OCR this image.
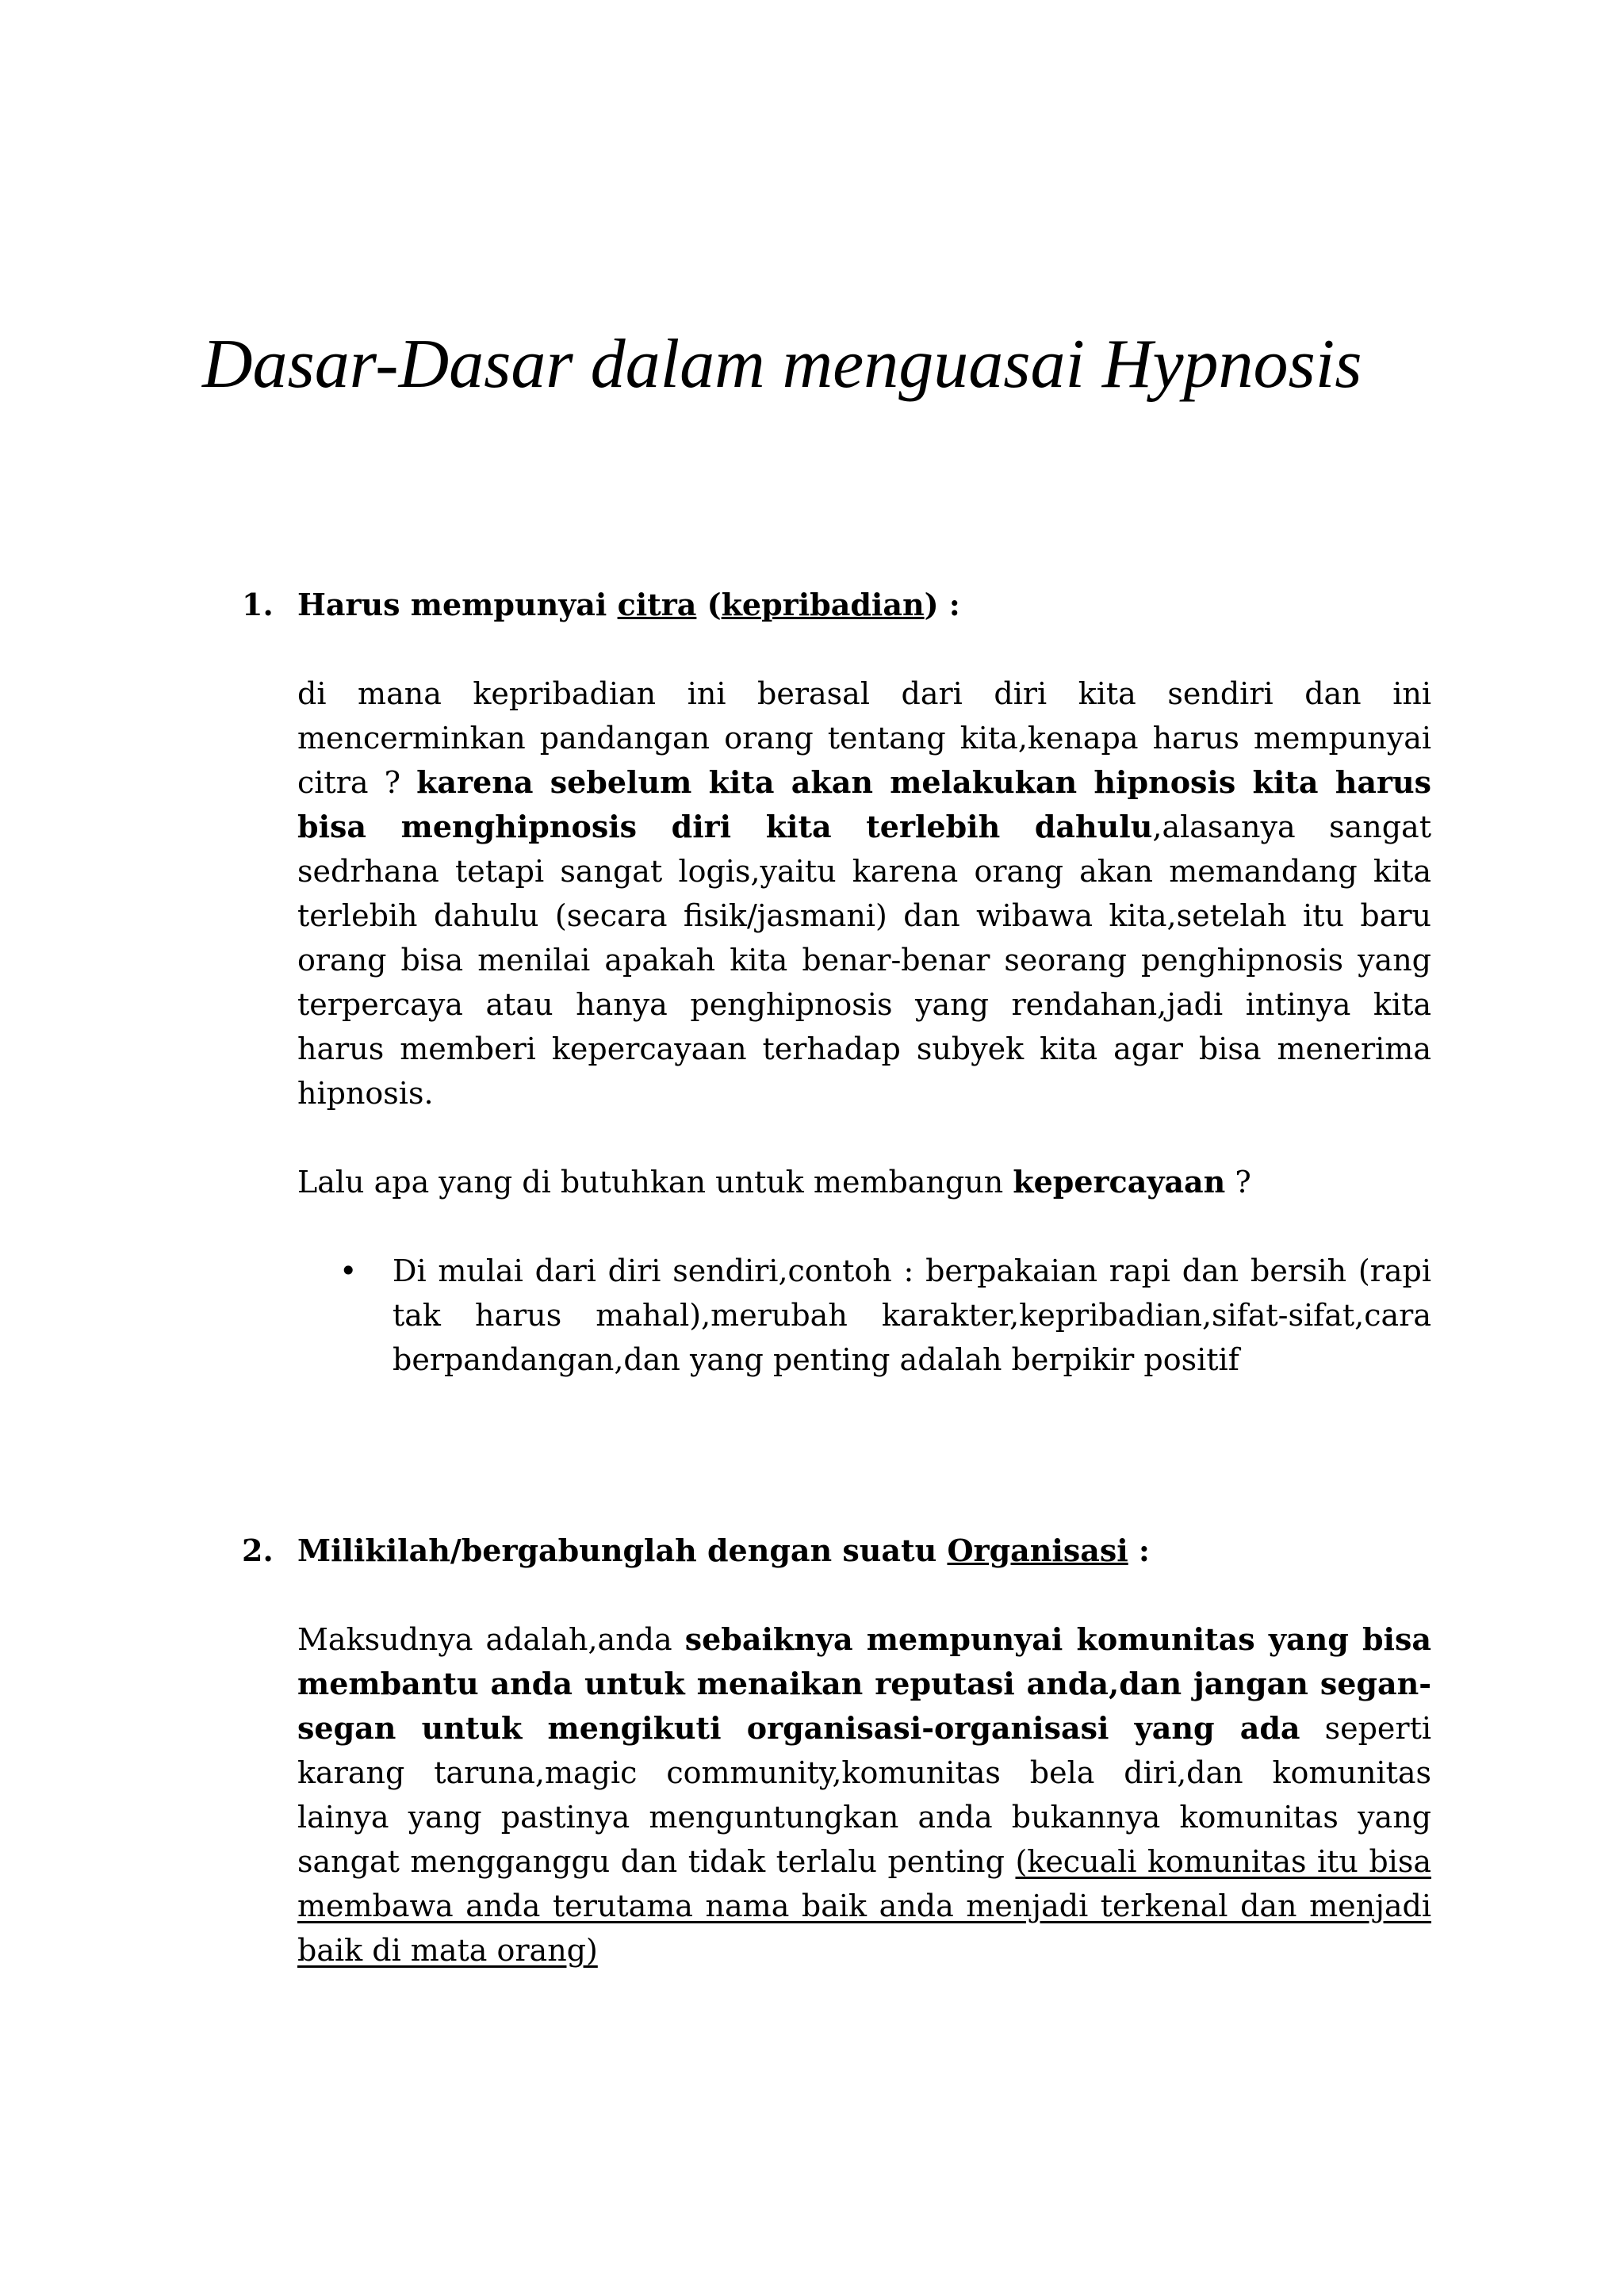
Dasar-Dasar dalam menguasai Hypnosis
1. Harus mempunyai citra (kepribadian) :

di mana kepribadian ini berasal dari diri kita sendiri dan ini mencerminkan pandangan orang tentang kita,kenapa harus mempunyai citra ? karena sebelum kita akan melakukan hipnosis kita harus bisa menghipnosis diri kita terlebih dahulu,alasanya sangat sedrhana tetapi sangat logis,yaitu karena orang akan memandang kita terlebih dahulu (secara fisik/jasmani) dan wibawa kita,setelah itu baru orang bisa menilai apakah kita benar-benar seorang penghipnosis yang terpercaya atau hanya penghipnosis yang rendahan,jadi intinya kita harus memberi kepercayaan terhadap subyek kita agar bisa menerima hipnosis.

Lalu apa yang di butuhkan untuk membangun kepercayaan ?

• Di mulai dari diri sendiri,contoh : berpakaian rapi dan bersih (rapi tak harus mahal),merubah karakter,kepribadian,sifat-sifat,cara berpandangan,dan yang penting adalah berpikir positif
2. Milikilah/bergabunglah dengan suatu Organisasi :

Maksudnya adalah,anda sebaiknya mempunyai komunitas yang bisa membantu anda untuk menaikan reputasi anda,dan jangan segan-segan untuk mengikuti organisasi-organisasi yang ada seperti karang taruna,magic community,komunitas bela diri,dan komunitas lainya yang pastinya menguntungkan anda bukannya komunitas yang sangat mengganggu dan tidak terlalu penting (kecuali komunitas itu bisa membawa anda terutama nama baik anda menjadi terkenal dan menjadi baik di mata orang)
